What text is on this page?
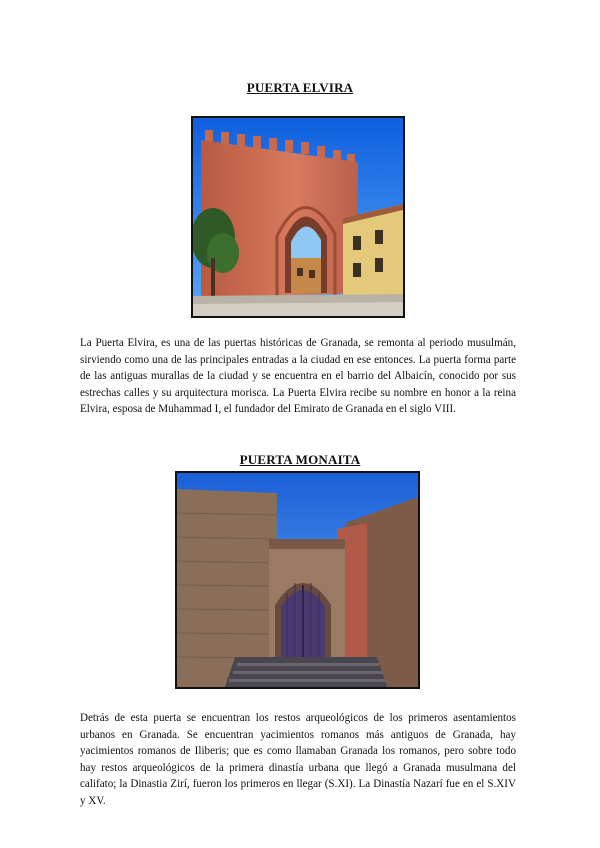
PUERTA ELVIRA

La Puerta Elvira, es una de las puertas históricas de Granada, se remonta al periodo musulmán, sirviendo como una de las principales entradas a la ciudad en ese entonces. La puerta forma parte de las antiguas murallas de la ciudad y se encuentra en el barrio del Albaicín, conocido por sus estrechas calles y su arquitectura morisca. La Puerta Elvira recibe su nombre en honor a la reina Elvira, esposa de Muhammad I, el fundador del Emirato de Granada en el siglo VIII.

PUERTA MONAITA

Detrás de esta puerta se encuentran los restos arqueológicos de los primeros asentamientos urbanos en Granada. Se encuentran yacimientos romanos más antiguos de Granada, hay yacimientos romanos de Iliberis; que es como llamaban Granada los romanos, pero sobre todo hay restos arqueológicos de la primera dinastía urbana que llegó a Granada musulmana del califato; la Dinastia Zirí, fueron los primeros en llegar (S.XI). La Dinastía Nazarí fue en el S.XIV y XV.
